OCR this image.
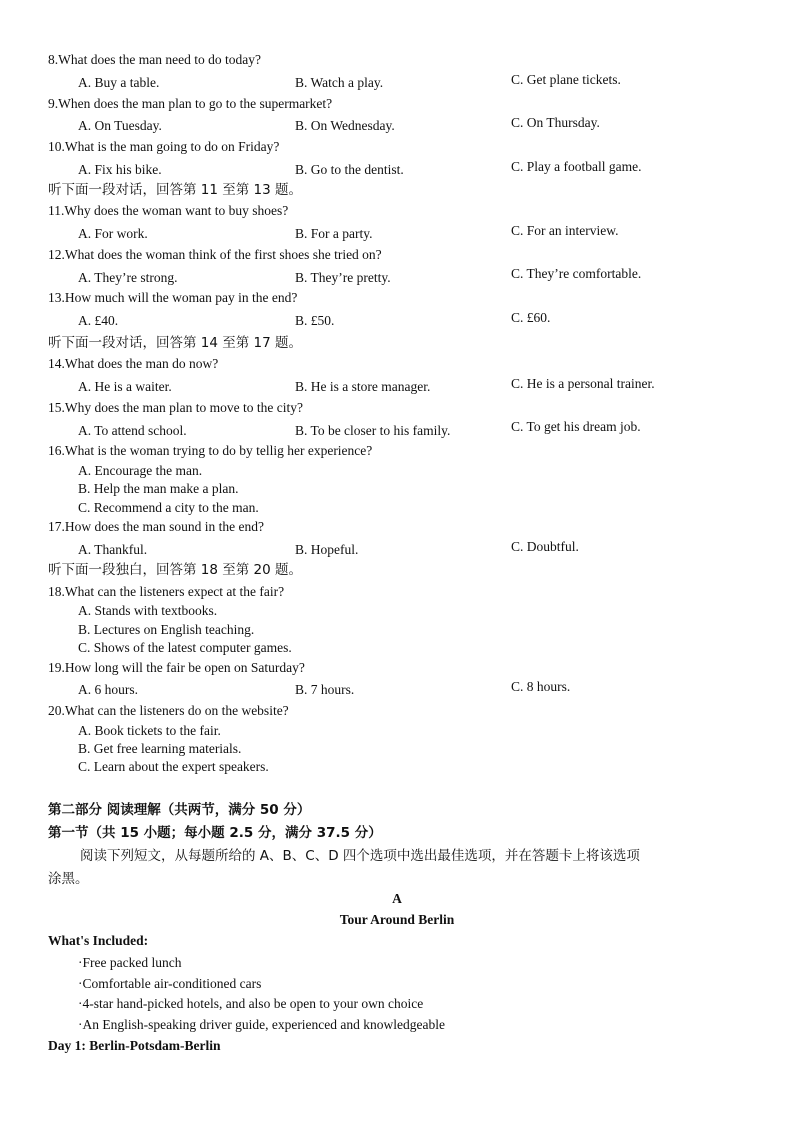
8.What does the man need to do today?
A. Buy a table.	B. Watch a play.	C. Get plane tickets.
9.When does the man plan to go to the supermarket?
A. On Tuesday.	B. On Wednesday.	C. On Thursday.
10.What is the man going to do on Friday?
A. Fix his bike.	B. Go to the dentist.	C. Play a football game.
听下面一段对话，回答第 11 至第 13 题。
11.Why does the woman want to buy shoes?
A. For work.	B. For a party.	C. For an interview.
12.What does the woman think of the first shoes she tried on?
A. They’re strong.	B. They’re pretty.	C. They’re comfortable.
13.How much will the woman pay in the end?
A. £40.	B. £50.	C. £60.
听下面一段对话，回答第 14 至第 17 题。
14.What does the man do now?
A. He is a waiter.	B. He is a store manager.	C. He is a personal trainer.
15.Why does the man plan to move to the city?
A. To attend school.	B. To be closer to his family.	C. To get his dream job.
16.What is the woman trying to do by tellig her experience?
A. Encourage the man.
B. Help the man make a plan.
C. Recommend a city to the man.
17.How does the man sound in the end?
A. Thankful.	B. Hopeful.	C. Doubtful.
听下面一段独白，回答第 18 至第 20 题。
18.What can the listeners expect at the fair?
A. Stands with textbooks.
B. Lectures on English teaching.
C. Shows of the latest computer games.
19.How long will the fair be open on Saturday?
A. 6 hours.	B. 7 hours.	C. 8 hours.
20.What can the listeners do on the website?
A. Book tickets to the fair.
B. Get free learning materials.
C. Learn about the expert speakers.
第二部分 阅读理解（共两节，满分 50 分）
第一节（共 15 小题；每小题 2.5 分，满分 37.5 分）
阅读下列短文，从每题所给的 A、B、C、D 四个选项中选出最佳选项，并在答题卡上将该选项
涂黑。
A
Tour Around Berlin
What's Included:
·Free packed lunch
·Comfortable air-conditioned cars
·4-star hand-picked hotels, and also be open to your own choice
·An English-speaking driver guide, experienced and knowledgeable
Day 1: Berlin-Potsdam-Berlin
